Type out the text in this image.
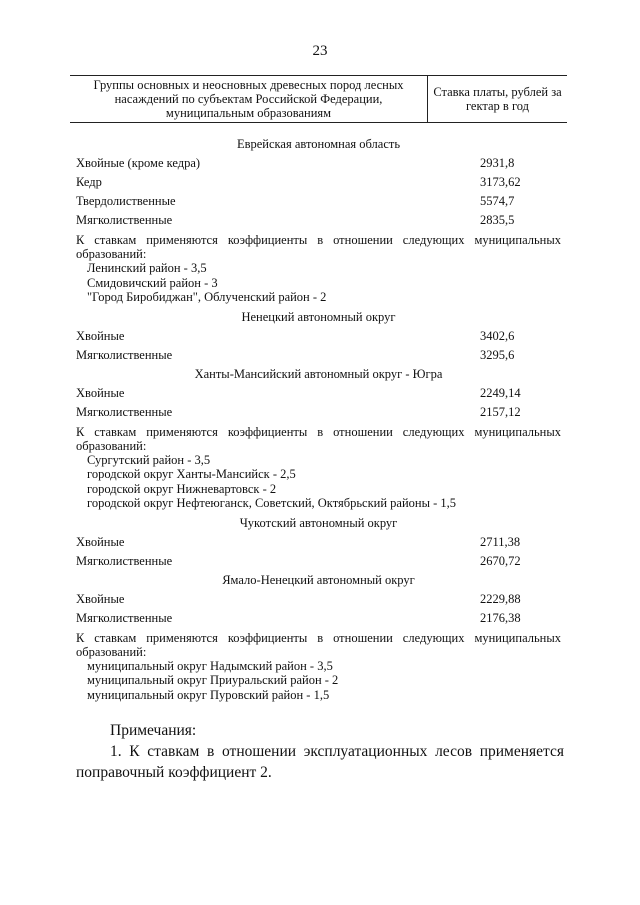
23
Группы основных и неосновных древесных пород лесных насаждений по субъектам Российской Федерации, муниципальным образованиям
Ставка платы, рублей за гектар в год
Еврейская автономная область
Хвойные (кроме кедра)	2931,8
Кедр	3173,62
Твердолиственные	5574,7
Мягколиственные	2835,5
К ставкам применяются коэффициенты в отношении следующих муниципальных
образований:
Ленинский район - 3,5
Смидовичский район - 3
"Город Биробиджан", Облученский район - 2
Ненецкий автономный округ
Хвойные	3402,6
Мягколиственные	3295,6
Ханты-Мансийский автономный округ - Югра
Хвойные	2249,14
Мягколиственные	2157,12
К ставкам применяются коэффициенты в отношении следующих муниципальных
образований:
Сургутский район - 3,5
городской округ Ханты-Мансийск - 2,5
городской округ Нижневартовск - 2
городской округ Нефтеюганск, Советский, Октябрьский районы - 1,5
Чукотский автономный округ
Хвойные	2711,38
Мягколиственные	2670,72
Ямало-Ненецкий автономный округ
Хвойные	2229,88
Мягколиственные	2176,38
К ставкам применяются коэффициенты в отношении следующих муниципальных
образований:
муниципальный округ Надымский район - 3,5
муниципальный округ Приуральский район - 2
муниципальный округ Пуровский район - 1,5
Примечания:
1. К ставкам в отношении эксплуатационных лесов применяется поправочный коэффициент 2.
